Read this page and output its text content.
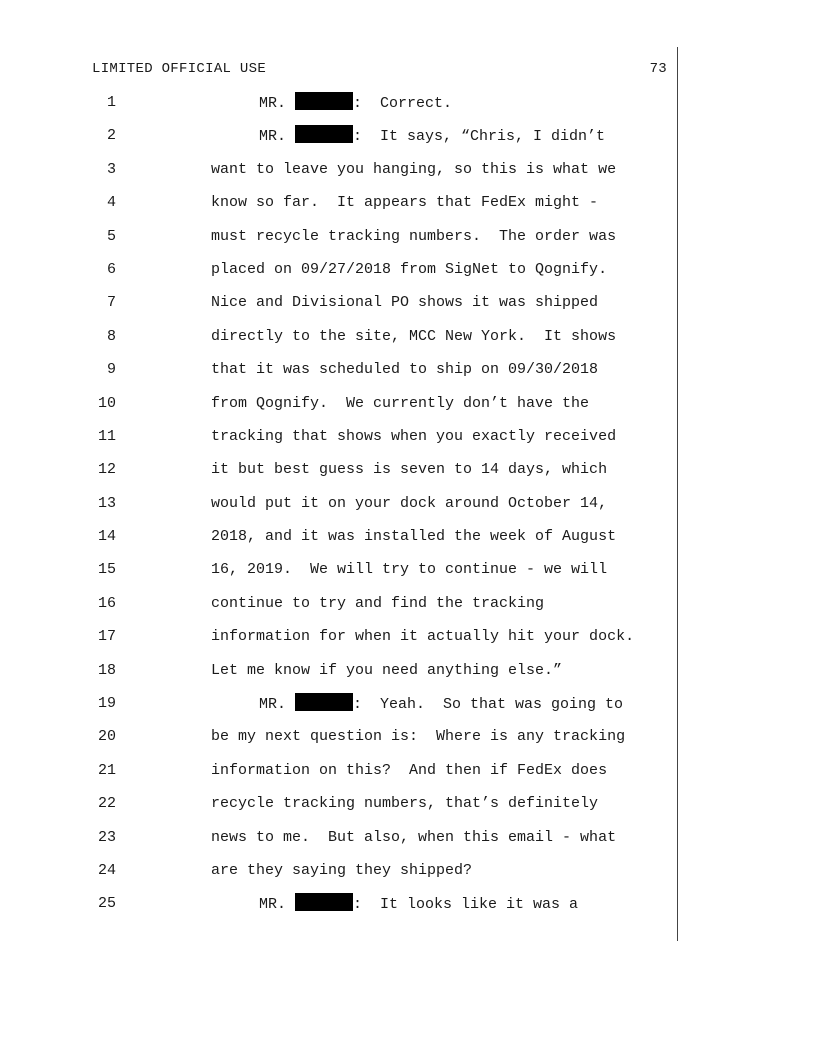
LIMITED OFFICIAL USE	73
1	MR.	:  Correct.
2	MR.	:  It says, “Chris, I didn’t
3	want to leave you hanging, so this is what we
4	know so far.  It appears that FedEx might -
5	must recycle tracking numbers.  The order was
6	placed on 09/27/2018 from SigNet to Qognify.
7	Nice and Divisional PO shows it was shipped
8	directly to the site, MCC New York.  It shows
9	that it was scheduled to ship on 09/30/2018
10	from Qognify.  We currently don’t have the
11	tracking that shows when you exactly received
12	it but best guess is seven to 14 days, which
13	would put it on your dock around October 14,
14	2018, and it was installed the week of August
15	16, 2019.  We will try to continue - we will
16	continue to try and find the tracking
17	information for when it actually hit your dock.
18	Let me know if you need anything else.”
19	MR.	:  Yeah.  So that was going to
20	be my next question is:  Where is any tracking
21	information on this?  And then if FedEx does
22	recycle tracking numbers, that’s definitely
23	news to me.  But also, when this email - what
24	are they saying they shipped?
25	MR.	:  It looks like it was a
